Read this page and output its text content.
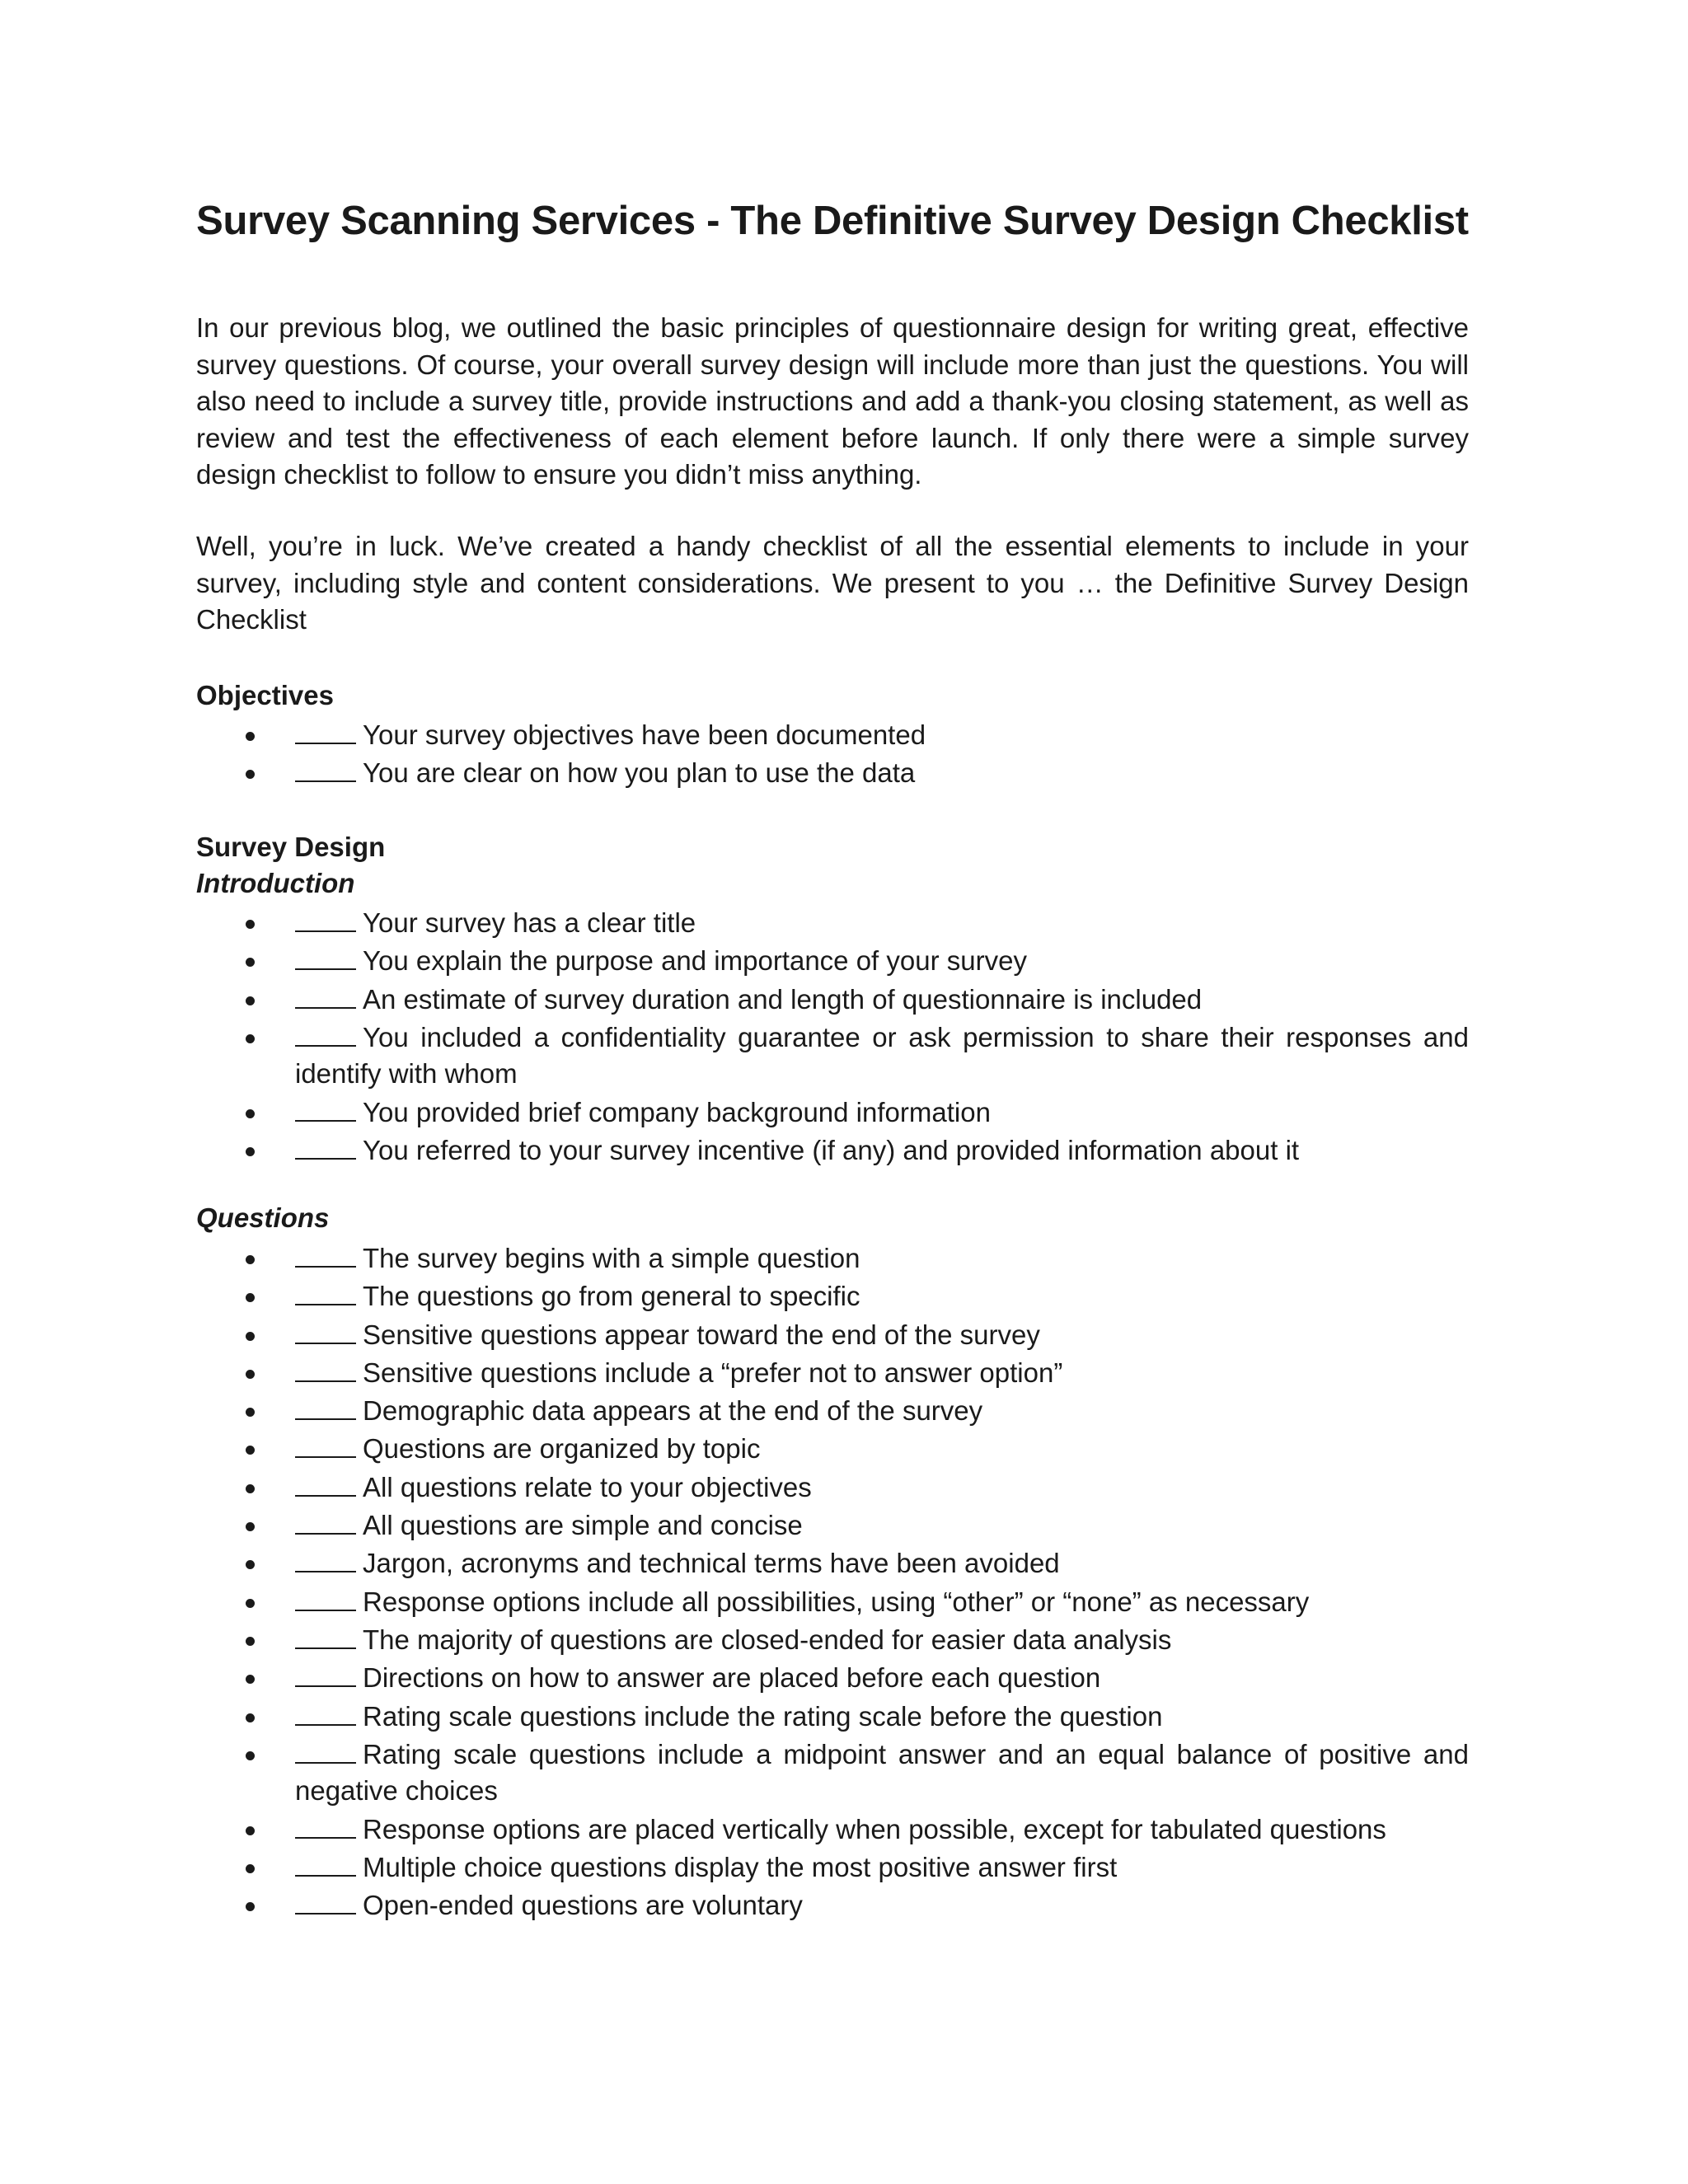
Survey Scanning Services - The Definitive Survey Design Checklist

In our previous blog, we outlined the basic principles of questionnaire design for writing great, effective survey questions. Of course, your overall survey design will include more than just the questions. You will also need to include a survey title, provide instructions and add a thank-you closing statement, as well as review and test the effectiveness of each element before launch. If only there were a simple survey design checklist to follow to ensure you didn’t miss anything.

Well, you’re in luck. We’ve created a handy checklist of all the essential elements to include in your survey, including style and content considerations. We present to you … the Definitive Survey Design Checklist

Objectives
Your survey objectives have been documented
You are clear on how you plan to use the data
Survey Design
Introduction
Your survey has a clear title
You explain the purpose and importance of your survey
An estimate of survey duration and length of questionnaire is included
You included a confidentiality guarantee or ask permission to share their responses and identify with whom
You provided brief company background information
You referred to your survey incentive (if any) and provided information about it
Questions
The survey begins with a simple question
The questions go from general to specific
Sensitive questions appear toward the end of the survey
Sensitive questions include a “prefer not to answer option”
Demographic data appears at the end of the survey
Questions are organized by topic
All questions relate to your objectives
All questions are simple and concise
Jargon, acronyms and technical terms have been avoided
Response options include all possibilities, using “other” or “none” as necessary
The majority of questions are closed-ended for easier data analysis
Directions on how to answer are placed before each question
Rating scale questions include the rating scale before the question
Rating scale questions include a midpoint answer and an equal balance of positive and negative choices
Response options are placed vertically when possible, except for tabulated questions
Multiple choice questions display the most positive answer first
Open-ended questions are voluntary
